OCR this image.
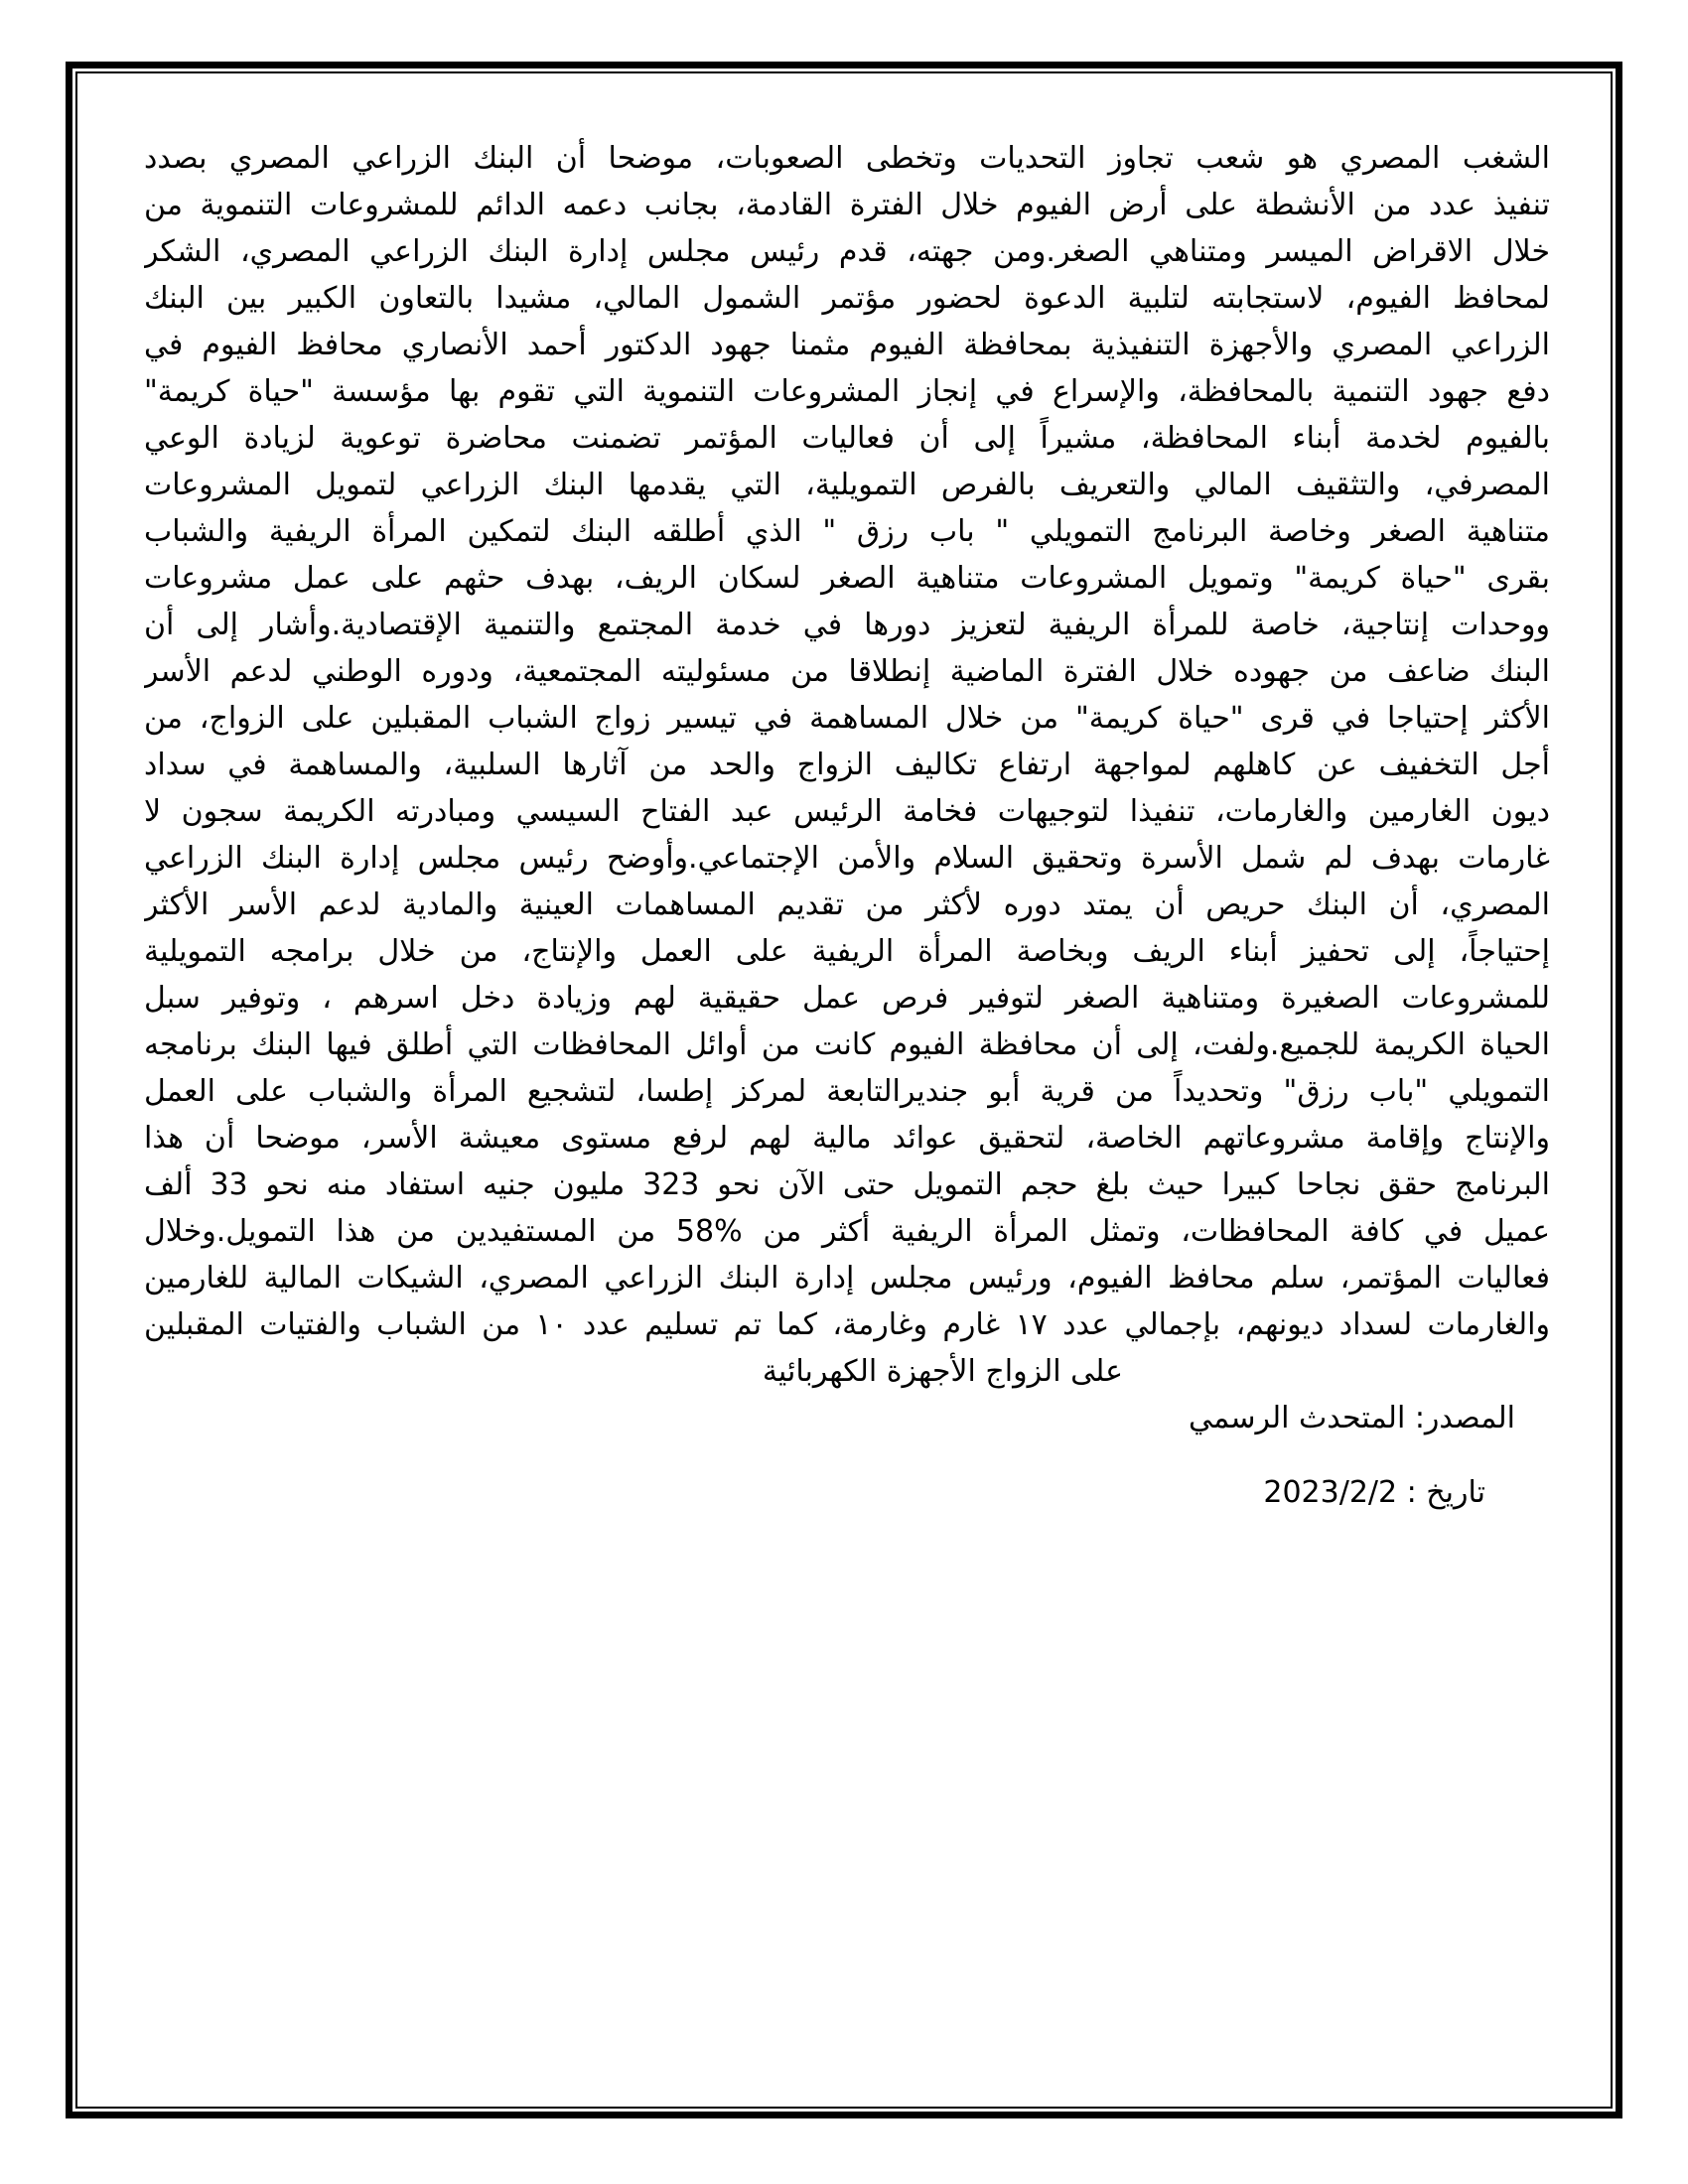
الشغب المصري هو شعب تجاوز التحديات وتخطى الصعوبات، موضحا أن البنك الزراعي المصري بصدد
تنفيذ عدد من الأنشطة على أرض الفيوم خلال الفترة القادمة، بجانب دعمه الدائم للمشروعات التنموية من
خلال الاقراض الميسر ومتناهي الصغر.ومن جهته، قدم رئيس مجلس إدارة البنك الزراعي المصري، الشكر
لمحافظ الفيوم، لاستجابته لتلبية الدعوة لحضور مؤتمر الشمول المالي، مشيدا بالتعاون الكبير بين البنك
الزراعي المصري والأجهزة التنفيذية بمحافظة الفيوم مثمنا جهود الدكتور أحمد الأنصاري محافظ الفيوم في
دفع جهود التنمية بالمحافظة، والإسراع في إنجاز المشروعات التنموية التي تقوم بها مؤسسة "حياة كريمة"
بالفيوم لخدمة أبناء المحافظة، مشيراً إلى أن فعاليات المؤتمر تضمنت محاضرة توعوية لزيادة الوعي
المصرفي، والتثقيف المالي والتعريف بالفرص التمويلية، التي يقدمها البنك الزراعي لتمويل المشروعات
متناهية الصغر وخاصة البرنامج التمويلي " باب رزق " الذي أطلقه البنك لتمكين المرأة الريفية والشباب
بقرى "حياة كريمة" وتمويل المشروعات متناهية الصغر لسكان الريف، بهدف حثهم على عمل مشروعات
ووحدات إنتاجية، خاصة للمرأة الريفية لتعزيز دورها في خدمة المجتمع والتنمية الإقتصادية.وأشار إلى أن
البنك ضاعف من جهوده خلال الفترة الماضية إنطلاقا من مسئوليته المجتمعية، ودوره الوطني لدعم الأسر
الأكثر إحتياجا في قرى "حياة كريمة" من خلال المساهمة في تيسير زواج الشباب المقبلين على الزواج، من
أجل التخفيف عن كاهلهم لمواجهة ارتفاع تكاليف الزواج والحد من آثارها السلبية، والمساهمة في سداد
ديون الغارمين والغارمات، تنفيذا لتوجيهات فخامة الرئيس عبد الفتاح السيسي ومبادرته الكريمة سجون لا
غارمات بهدف لم شمل الأسرة وتحقيق السلام والأمن الإجتماعي.وأوضح رئيس مجلس إدارة البنك الزراعي
المصري، أن البنك حريص أن يمتد دوره لأكثر من تقديم المساهمات العينية والمادية لدعم الأسر الأكثر
إحتياجاً، إلى تحفيز أبناء الريف وبخاصة المرأة الريفية على العمل والإنتاج، من خلال برامجه التمويلية
للمشروعات الصغيرة ومتناهية الصغر لتوفير فرص عمل حقيقية لهم وزيادة دخل اسرهم ، وتوفير سبل
الحياة الكريمة للجميع.ولفت، إلى أن محافظة الفيوم كانت من أوائل المحافظات التي أطلق فيها البنك برنامجه
التمويلي "باب رزق" وتحديداً من قرية أبو جنديرالتابعة لمركز إطسا، لتشجيع المرأة والشباب على العمل
والإنتاج وإقامة مشروعاتهم الخاصة، لتحقيق عوائد مالية لهم لرفع مستوى معيشة الأسر، موضحا أن هذا
البرنامج حقق نجاحا كبيرا حيث بلغ حجم التمويل حتى الآن نحو 323 مليون جنيه استفاد منه نحو 33 ألف
عميل في كافة المحافظات، وتمثل المرأة الريفية أكثر من %58 من المستفيدين من هذا التمويل.وخلال
فعاليات المؤتمر، سلم محافظ الفيوم، ورئيس مجلس إدارة البنك الزراعي المصري، الشيكات المالية للغارمين
والغارمات لسداد ديونهم، بإجمالي عدد ١٧ غارم وغارمة، كما تم تسليم عدد ١٠ من الشباب والفتيات المقبلين
على الزواج الأجهزة الكهربائية
المصدر: المتحدث الرسمي
تاريخ : 2023/2/2
